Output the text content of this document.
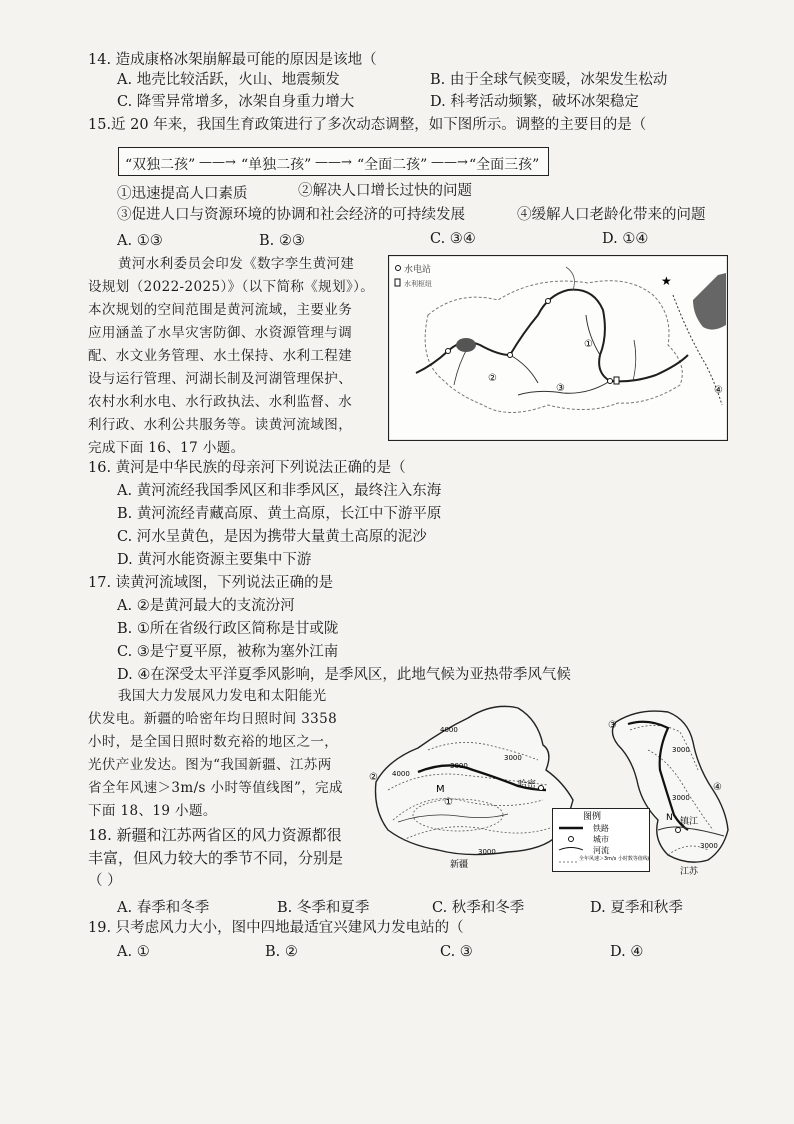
14. 造成康格冰架崩解最可能的原因是该地（
A. 地壳比较活跃，火山、地震频发	B. 由于全球气候变暖，冰架发生松动
C. 降雪异常增多，冰架自身重力增大	D. 科考活动频繁，破坏冰架稳定
15.近 20 年来，我国生育政策进行了多次动态调整，如下图所示。调整的主要目的是（
“双独二孩” ——→ “单独二孩” ——→ “全面二孩” ——→ “全面三孩”
①迅速提高人口素质	②解决人口增长过快的问题
③促进人口与资源环境的协调和社会经济的可持续发展	④缓解人口老龄化带来的问题
A. ①③	B. ②③	C. ③④	D. ①④
黄河水利委员会印发《数字孪生黄河建
设规划（2022-2025）》（以下简称《规划》）。
本次规划的空间范围是黄河流域，主要业务
应用涵盖了水旱灾害防御、水资源管理与调
配、水文业务管理、水土保持、水利工程建
设与运行管理、河湖长制及河湖管理保护、
农村水利水电、水行政执法、水利监督、水
利行政、水利公共服务等。读黄河流域图，
完成下面 16、17 小题。
★
水电站
水利枢纽
①
②
③	④
16. 黄河是中华民族的母亲河下列说法正确的是（
A. 黄河流经我国季风区和非季风区，最终注入东海
B. 黄河流经青藏高原、黄土高原，长江中下游平原
C. 河水呈黄色，是因为携带大量黄土高原的泥沙
D. 黄河水能资源主要集中下游
17. 读黄河流域图，下列说法正确的是
A. ②是黄河最大的支流汾河
B. ①所在省级行政区简称是甘或陇
C. ③是宁夏平原，被称为塞外江南
D. ④在深受太平洋夏季风影响，是季风区，此地气候为亚热带季风气候
我国大力发展风力发电和太阳能光
伏发电。新疆的哈密年均日照时间 3358
小时，是全国日照时数充裕的地区之一，
光伏产业发达。图为“我国新疆、江苏两
省全年风速＞3m/s 小时等值线图”，完成
下面 18、19 小题。
4000
3000
3000
3000
4000
M
①
②
哈密
新疆
③
④
3000
3000
3000
N 镇江
江苏
图例
铁路
城市
河流
全年风速＞3m/s 小时数等值线(h)
18. 新疆和江苏两省区的风力资源都很
丰富，但风力较大的季节不同，分别是
（ ）
A. 春季和冬季	B. 冬季和夏季	C. 秋季和冬季	D. 夏季和秋季
19. 只考虑风力大小，图中四地最适宜兴建风力发电站的（
A. ①	B. ②	C. ③	D. ④
